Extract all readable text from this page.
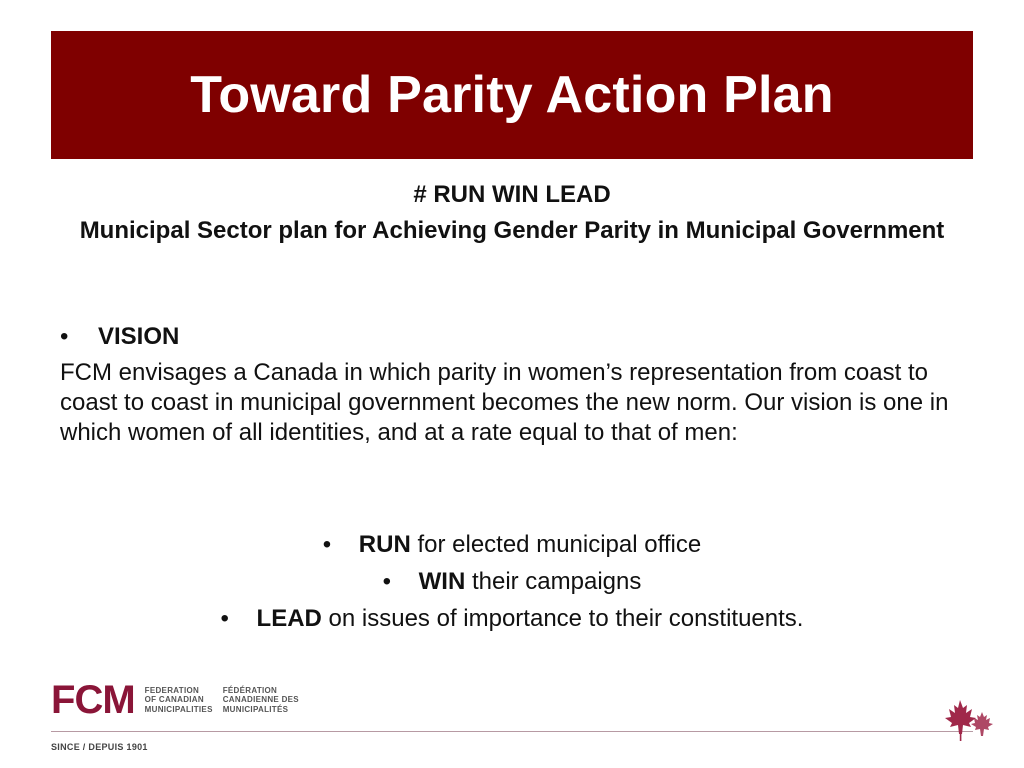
Toward Parity Action Plan
# RUN WIN LEAD
Municipal Sector plan for Achieving Gender Parity in Municipal Government
•	VISION

FCM envisages a Canada in which parity in women’s representation from coast to coast to coast in municipal government becomes the new norm. Our vision is one in which women of all identities, and at a rate equal to that of men:

• RUN for elected municipal office
• WIN their campaigns
• LEAD on issues of importance to their constituents.
F C M FEDERATION
OF CANADIAN
MUNICIPALITIES
FÉDÉRATION
CANADIENNE DES
MUNICIPALITÉS
SINCE / DEPUIS 1901
